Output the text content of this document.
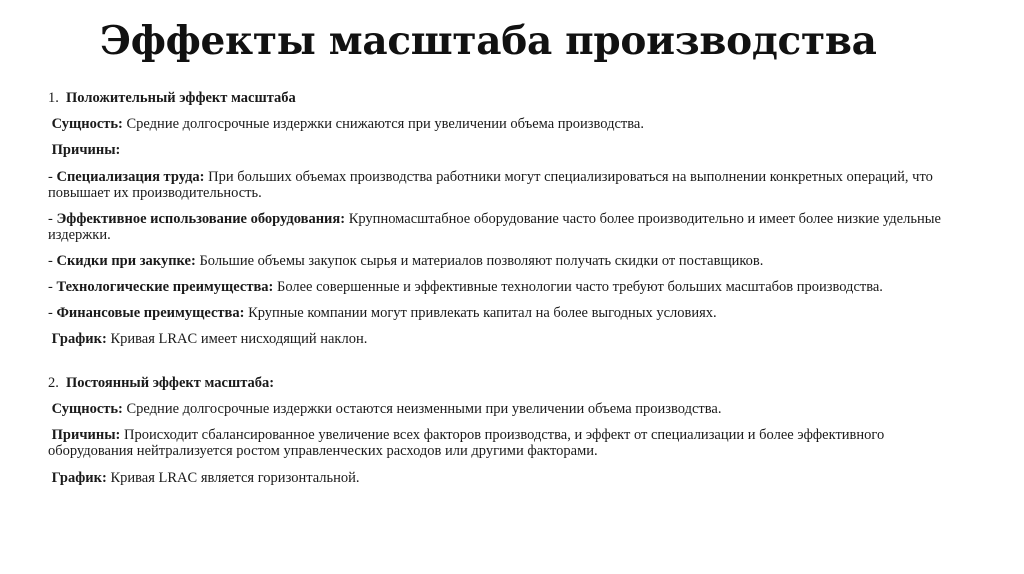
Эффекты масштаба производства

1. Положительный эффект масштаба

Сущность: Средние долгосрочные издержки снижаются при увеличении объема производства.

Причины:

- Специализация труда: При больших объемах производства работники могут специализироваться на выполнении конкретных операций, что повышает их производительность.

- Эффективное использование оборудования: Крупномасштабное оборудование часто более производительно и имеет более низкие удельные издержки.

- Скидки при закупке: Большие объемы закупок сырья и материалов позволяют получать скидки от поставщиков.

- Технологические преимущества: Более совершенные и эффективные технологии часто требуют больших масштабов производства.

- Финансовые преимущества: Крупные компании могут привлекать капитал на более выгодных условиях.

График: Кривая LRAC имеет нисходящий наклон.

2. Постоянный эффект масштаба:

Сущность: Средние долгосрочные издержки остаются неизменными при увеличении объема производства.

Причины: Происходит сбалансированное увеличение всех факторов производства, и эффект от специализации и более эффективного оборудования нейтрализуется ростом управленческих расходов или другими факторами.

График: Кривая LRAC является горизонтальной.
